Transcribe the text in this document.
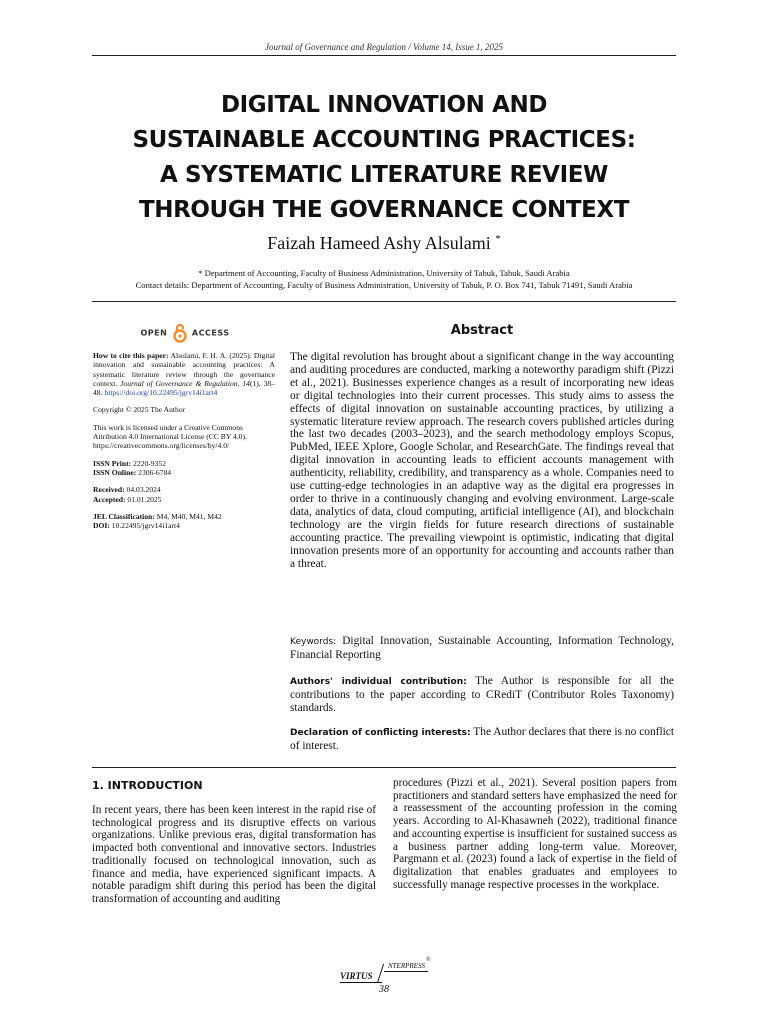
Journal of Governance and Regulation / Volume 14, Issue 1, 2025
DIGITAL INNOVATION AND
SUSTAINABLE ACCOUNTING PRACTICES:
A SYSTEMATIC LITERATURE REVIEW
THROUGH THE GOVERNANCE CONTEXT
Faizah Hameed Ashy Alsulami *
* Department of Accounting, Faculty of Business Administration, University of Tabuk, Tabuk, Saudi Arabia
Contact details: Department of Accounting, Faculty of Business Administration, University of Tabuk, P. O. Box 741, Tabuk 71491, Saudi Arabia
OPEN	ACCESS

How to cite this paper: Alsulami, F. H. A. (2025). Digital innovation and sustainable accounting practices: A systematic literature review through the governance context. Journal of Governance & Regulation, 14(1), 38–48. https://doi.org/10.22495/jgrv14i1art4

Copyright © 2025 The Author

This work is licensed under a Creative Commons Attribution 4.0 International License (CC BY 4.0). https://creativecommons.org/licenses/by/4.0/

ISSN Print: 2220-9352
ISSN Online: 2306-6784

Received: 04.03.2024
Accepted: 01.01.2025

JEL Classification: M4, M40, M41, M42
DOI: 10.22495/jgrv14i1art4

Abstract
The digital revolution has brought about a significant change in the way accounting and auditing procedures are conducted, marking a noteworthy paradigm shift (Pizzi et al., 2021). Businesses experience changes as a result of incorporating new ideas or digital technologies into their current processes. This study aims to assess the effects of digital innovation on sustainable accounting practices, by utilizing a systematic literature review approach. The research covers published articles during the last two decades (2003–2023), and the search methodology employs Scopus, PubMed, IEEE Xplore, Google Scholar, and ResearchGate. The findings reveal that digital innovation in accounting leads to efficient accounts management with authenticity, reliability, credibility, and transparency as a whole. Companies need to use cutting-edge technologies in an adaptive way as the digital era progresses in order to thrive in a continuously changing and evolving environment. Large-scale data, analytics of data, cloud computing, artificial intelligence (AI), and blockchain technology are the virgin fields for future research directions of sustainable accounting practice. The prevailing viewpoint is optimistic, indicating that digital innovation presents more of an opportunity for accounting and accounts rather than a threat.
Keywords: Digital Innovation, Sustainable Accounting, Information Technology, Financial Reporting
Authors' individual contribution: The Author is responsible for all the contributions to the paper according to CRediT (Contributor Roles Taxonomy) standards.
Declaration of conflicting interests: The Author declares that there is no conflict of interest.
1. INTRODUCTION
In recent years, there has been keen interest in the rapid rise of technological progress and its disruptive effects on various organizations. Unlike previous eras, digital transformation has impacted both conventional and innovative sectors. Industries traditionally focused on technological innovation, such as finance and media, have experienced significant impacts. A notable paradigm shift during this period has been the digital transformation of accounting and auditing
procedures (Pizzi et al., 2021). Several position papers from practitioners and standard setters have emphasized the need for a reassessment of the accounting profession in the coming years. According to Al-Khasawneh (2022), traditional finance and accounting expertise is insufficient for sustained success as a business partner adding long-term value. Moreover, Pargmann et al. (2023) found a lack of expertise in the field of digitalization that enables graduates and employees to successfully manage respective processes in the workplace.
VIRTUS
NTERPRESS
®
38
